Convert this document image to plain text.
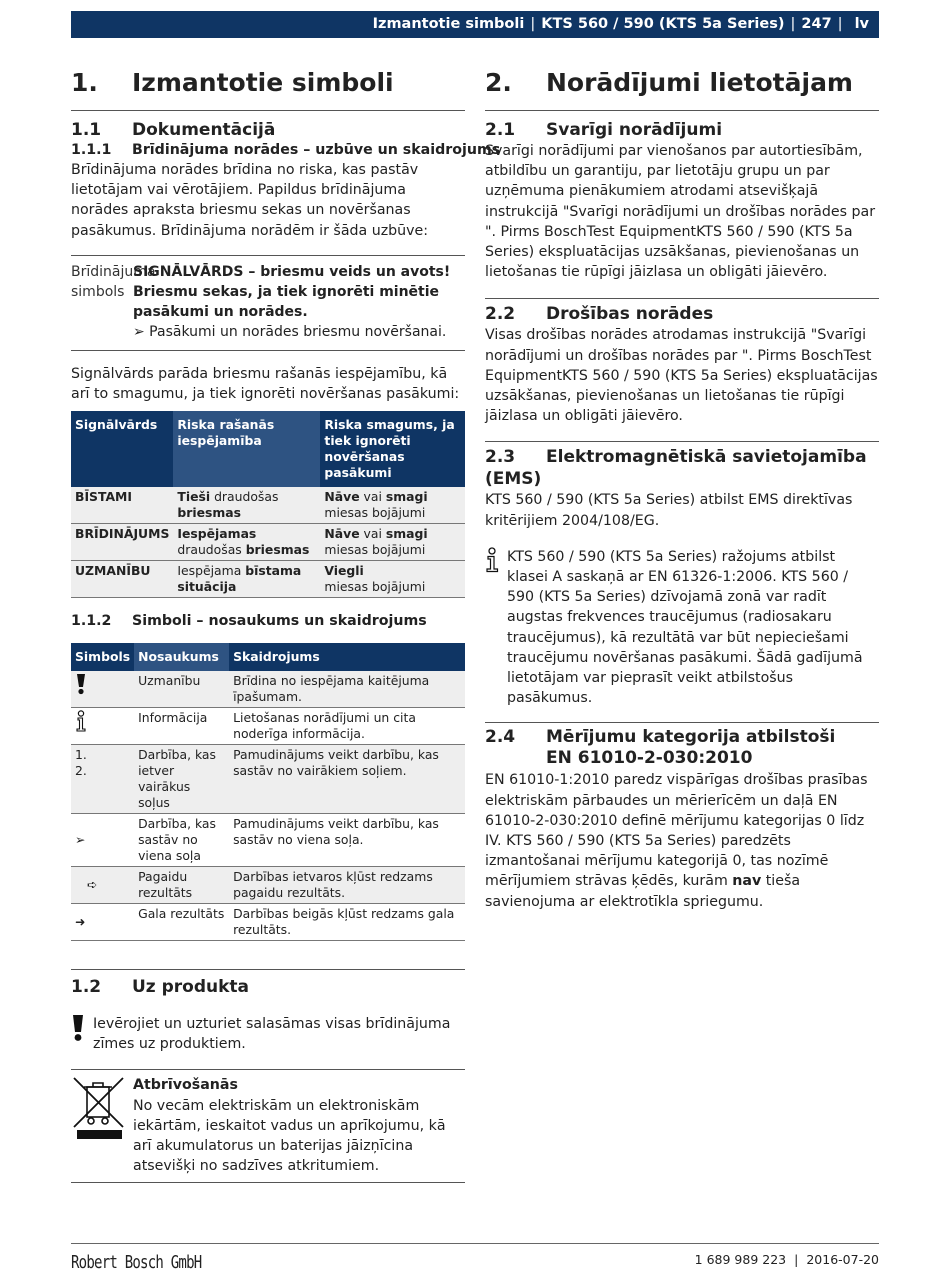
Izmantotie simboli | KTS 560 / 590 (KTS 5a Series) | 247 | lv
1. Izmantotie simboli
1.1 Dokumentācijā
1.1.1 Brīdinājuma norādes – uzbūve un skaidrojums

Brīdinājuma norādes brīdina no riska, kas pastāv lietotājam vai vērotājiem. Papildus brīdinājuma norādes apraksta briesmu sekas un novēršanas pasākumus. Brīdinājuma norādēm ir šāda uzbūve:

Brīdinājuma simbols
SIGNĀLVĀRDS – briesmu veids un avots!
Briesmu sekas, ja tiek ignorēti minētie pasākumi un norādes.
➢ Pasākumi un norādes briesmu novēršanai.

Signālvārds parāda briesmu rašanās iespējamību, kā arī to smagumu, ja tiek ignorēti novēršanas pasākumi:

Signālvārds	Riska rašanās iespējamība	Riska smagums, ja tiek ignorēti novēršanas pasākumi
BĪSTAMI	Tieši draudošas briesmas	Nāve vai smagi miesas bojājumi
BRĪDINĀJUMS	Iespējamas draudošas briesmas	Nāve vai smagi miesas bojājumi
UZMANĪBU	Iespējama bīstama situācija	Viegli
miesas bojājumi
1.1.2 Simboli – nosaukums un skaidrojums
Simbols	Nosaukums	Skaidrojums

	Uzmanību	Brīdina no iespējama kaitējuma īpašumam.

	Informācija	Lietošanas norādījumi un cita noderīga informācija.
1.
2.	Darbība, kas ietver vairākus soļus	Pamudinājums veikt darbību, kas sastāv no vairākiem soļiem.
➢	Darbība, kas sastāv no viena soļa	Pamudinājums veikt darbību, kas sastāv no viena soļa.
➪	Pagaidu rezultāts	Darbības ietvaros kļūst redzams pagaidu rezultāts.
➜	Gala rezultāts	Darbības beigās kļūst redzams gala rezultāts.
1.2 Uz produkta

Ievērojiet un uzturiet salasāmas visas brīdinājuma zīmes uz produktiem.

Atbrīvošanās

No vecām elektriskām un elektroniskām iekārtām, ieskaitot vadus un aprīkojumu, kā arī akumulatorus un baterijas jāizņīcina atsevišķi no sadzīves atkritumiem.

2. Norādījumi lietotājam
2.1 Svarīgi norādījumi

Svarīgi norādījumi par vienošanos par autortiesībām, atbildību un garantiju, par lietotāju grupu un par uzņēmuma pienākumiem atrodami atsevišķajā instrukcijā "Svarīgi norādījumi un drošības norādes par ". Pirms BoschTest EquipmentKTS 560 / 590 (KTS 5a Series) ekspluatācijas uzsākšanas, pievienošanas un lietošanas tie rūpīgi jāizlasa un obligāti jāievēro.

2.2 Drošības norādes

Visas drošības norādes atrodamas instrukcijā "Svarīgi norādījumi un drošības norādes par ". Pirms BoschTest EquipmentKTS 560 / 590 (KTS 5a Series) ekspluatācijas uzsākšanas, pievienošanas un lietošanas tie rūpīgi jāizlasa un obligāti jāievēro.

2.3 Elektromagnētiskā savietojamība (EMS)

KTS 560 / 590 (KTS 5a Series) atbilst EMS direktīvas kritērijiem 2004/108/EG.

KTS 560 / 590 (KTS 5a Series) ražojums atbilst klasei A saskaņā ar EN 61326-1:2006. KTS 560 / 590 (KTS 5a Series) dzīvojamā zonā var radīt augstas frekvences traucējumus (radiosakaru traucējumus), kā rezultātā var būt nepieciešami traucējumu novēršanas pasākumi. Šādā gadījumā lietotājam var pieprasīt veikt atbilstošus pasākumus.

2.4 Mērījumu kategorija atbilstoši
EN 61010-2-030:2010

EN 61010-1:2010 paredz vispārīgas drošības prasības elektriskām pārbaudes un mērierīcēm un daļā EN 61010-2-030:2010 definē mērījumu kategorijas 0 līdz IV. KTS 560 / 590 (KTS 5a Series) paredzēts izmantošanai mērījumu kategorijā 0, tas nozīmē mērījumiem strāvas ķēdēs, kurām nav tieša savienojuma ar elektrotīkla spriegumu.

Robert Bosch GmbH	1 689 989 223 | 2016-07-20
